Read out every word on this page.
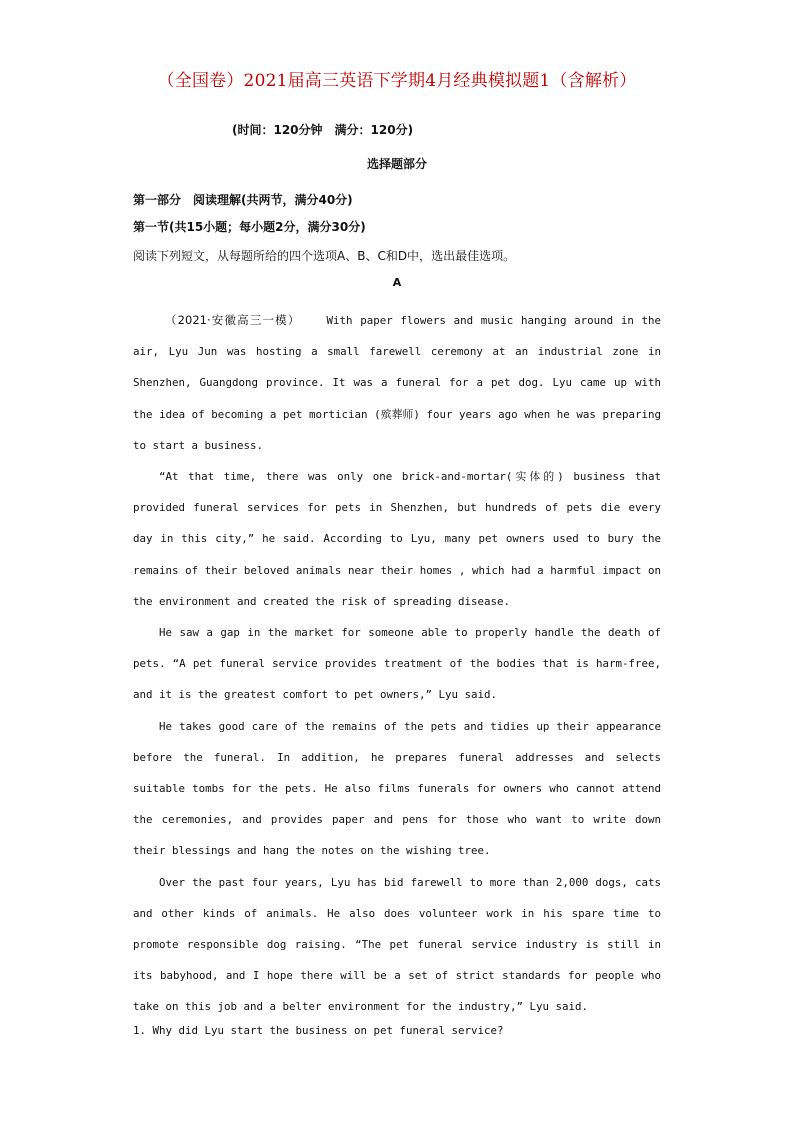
（全国卷）2021届高三英语下学期4月经典模拟题1（含解析）
(时间：120分钟　满分：120分)
选择题部分
第一部分　阅读理解(共两节，满分40分)
第一节(共15小题；每小题2分，满分30分)
阅读下列短文，从每题所给的四个选项A、B、C和D中，选出最佳选项。
A

（2021·安徽高三一模） With paper flowers and music hanging around in the air, Lyu Jun was hosting a small farewell ceremony at an industrial zone in Shenzhen, Guangdong province. It was a funeral for a pet dog. Lyu came up with the idea of becoming a pet mortician (殡葬师) four years ago when he was preparing to start a business.

“At that time, there was only one brick-and-mortar(实体的) business that provided funeral services for pets in Shenzhen, but hundreds of pets die every day in this city,” he said. According to Lyu, many pet owners used to bury the remains of their beloved animals near their homes , which had a harmful impact on the environment and created the risk of spreading disease.

He saw a gap in the market for someone able to properly handle the death of pets. “A pet funeral service provides treatment of the bodies that is harm-free, and it is the greatest comfort to pet owners,” Lyu said.

He takes good care of the remains of the pets and tidies up their appearance before the funeral. In addition, he prepares funeral addresses and selects suitable tombs for the pets. He also films funerals for owners who cannot attend the ceremonies, and provides paper and pens for those who want to write down their blessings and hang the notes on the wishing tree.

Over the past four years, Lyu has bid farewell to more than 2,000 dogs, cats and other kinds of animals. He also does volunteer work in his spare time to promote responsible dog raising. “The pet funeral service industry is still in its babyhood, and I hope there will be a set of strict standards for people who take on this job and a belter environment for the industry,” Lyu said.

1. Why did Lyu start the business on pet funeral service?
